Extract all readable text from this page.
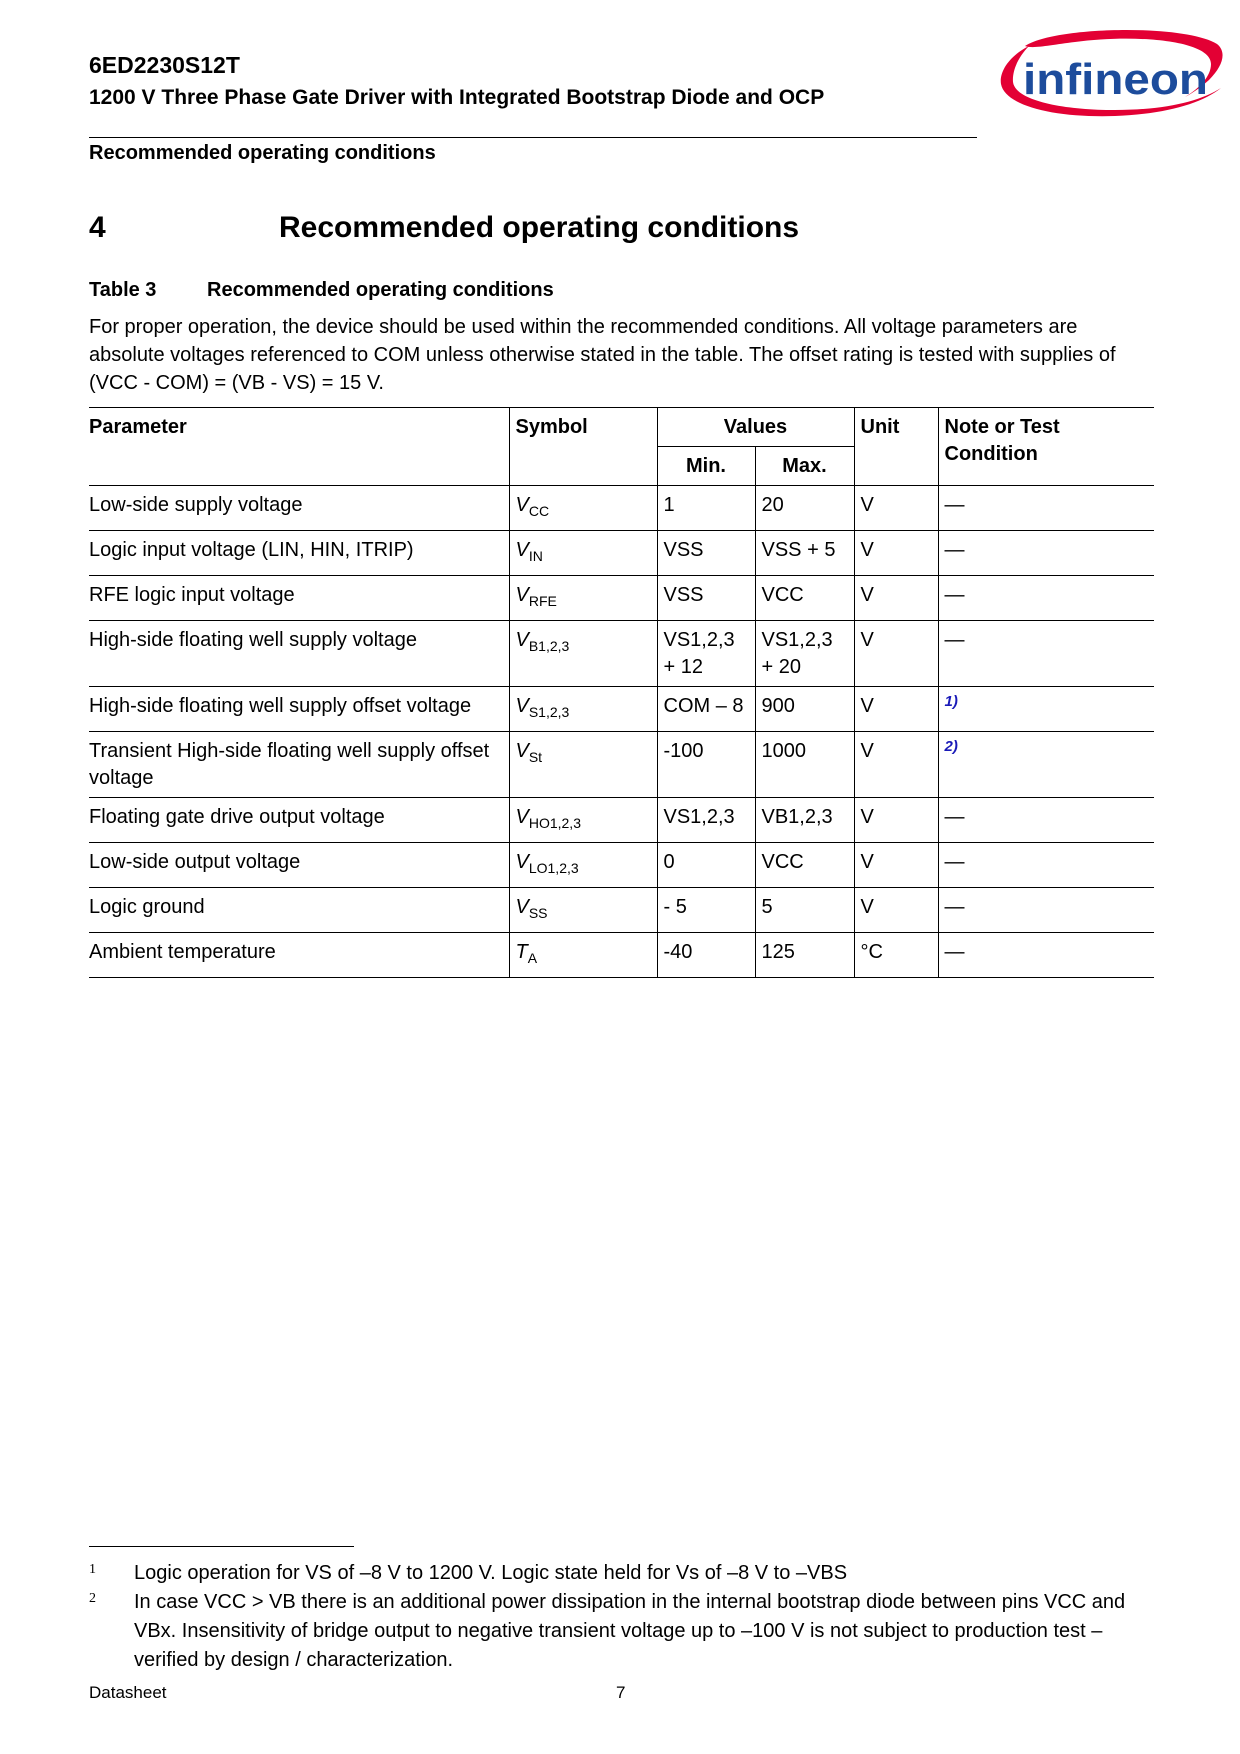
6ED2230S12T
1200 V Three Phase Gate Driver with Integrated Bootstrap Diode and OCP
Recommended operating conditions
infineon
4	Recommended operating conditions
Table 3	Recommended operating conditions
For proper operation, the device should be used within the recommended conditions. All voltage parameters are absolute voltages referenced to COM unless otherwise stated in the table. The offset rating is tested with supplies of (VCC - COM) = (VB - VS) = 15 V.
Parameter	Symbol	Values		Unit	Note or Test Condition
		Min.	Max.		
Low-side supply voltage	$V_{CC}$	1	20	V	—
Logic input voltage (LIN, HIN, ITRIP)	$V_{IN}$	VSS	VSS + 5	V	—
RFE logic input voltage	$V_{RFE}$	VSS	VCC	V	—
High-side floating well supply voltage	$V_{B1,2,3}$	VS1,2,3 + 12	VS1,2,3 + 20	V	—
High-side floating well supply offset voltage	$V_{S1,2,3}$	COM – 8	900	V	$^{1)}$
Transient High-side floating well supply offset voltage	$V_{St}$	-100	1000	V	$^{2)}$
Floating gate drive output voltage	$V_{HO1,2,3}$	VS1,2,3	VB1,2,3	V	—
Low-side output voltage	$V_{LO1,2,3}$	0	VCC	V	—
Logic ground	$V_{SS}$	- 5	5	V	—
Ambient temperature	$T_A$	-40	125	°C	—
1 Logic operation for VS of –8 V to 1200 V. Logic state held for Vs of –8 V to –VBS
2 In case VCC > VB there is an additional power dissipation in the internal bootstrap diode between pins VCC and VBx. Insensitivity of bridge output to negative transient voltage up to –100 V is not subject to production test – verified by design / characterization.
Datasheet	7
